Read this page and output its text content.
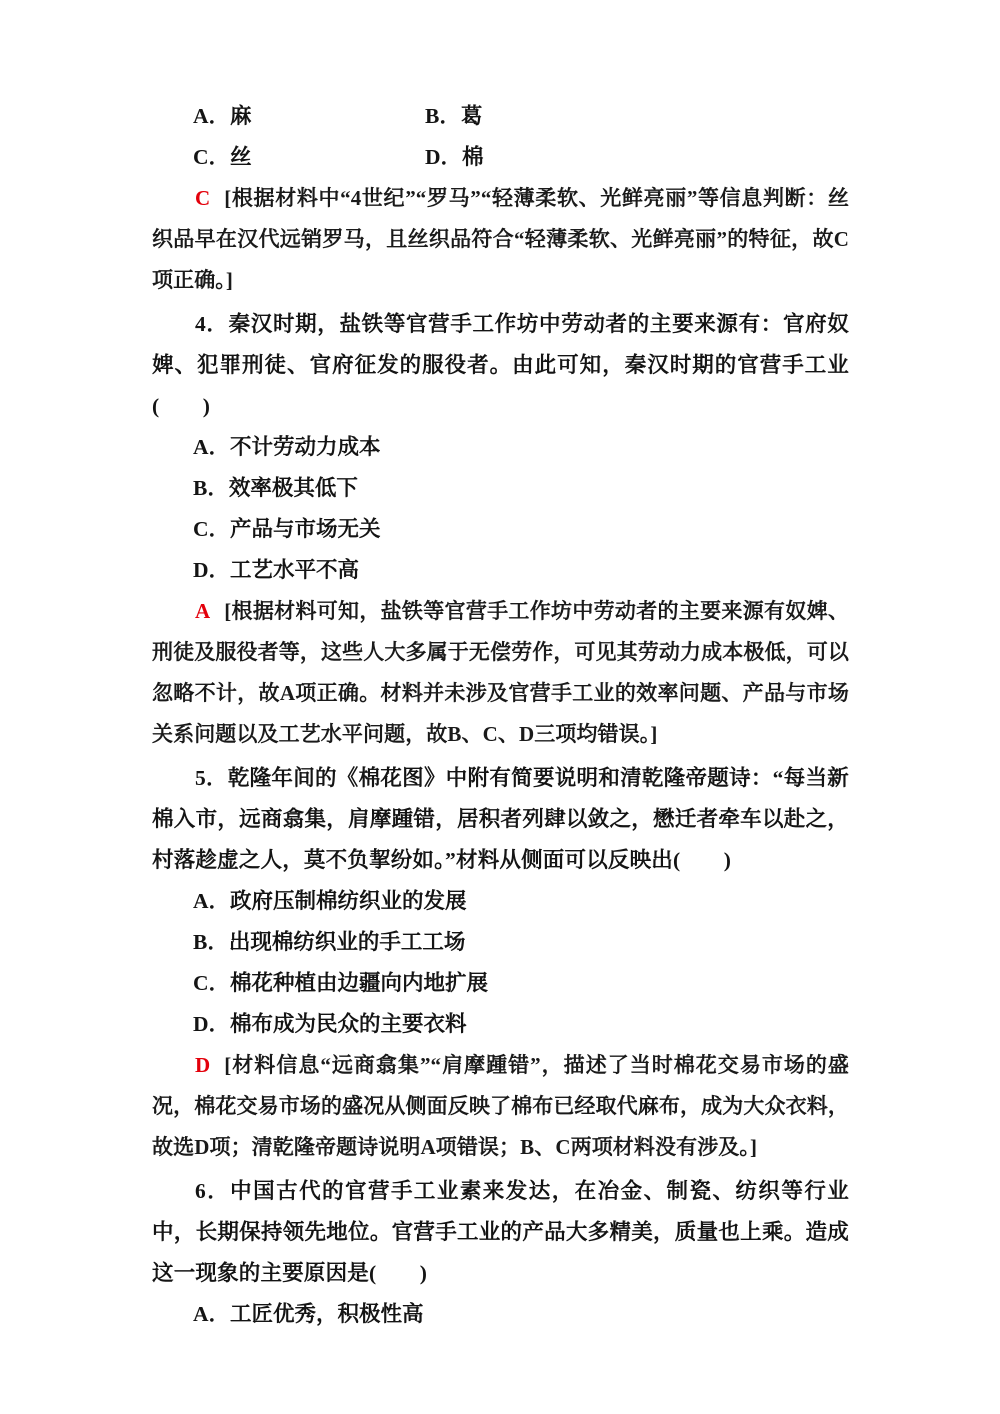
A．麻	B．葛
C．丝	D．棉

C [根据材料中“4世纪”“罗马”“轻薄柔软、光鲜亮丽”等信息判断：丝织品早在汉代远销罗马，且丝织品符合“轻薄柔软、光鲜亮丽”的特征，故C项正确。]

4．秦汉时期，盐铁等官营手工作坊中劳动者的主要来源有：官府奴婢、犯罪刑徒、官府征发的服役者。由此可知，秦汉时期的官营手工业(　　)

A．不计劳动力成本
B．效率极其低下
C．产品与市场无关
D．工艺水平不高

A [根据材料可知，盐铁等官营手工作坊中劳动者的主要来源有奴婢、刑徒及服役者等，这些人大多属于无偿劳作，可见其劳动力成本极低，可以忽略不计，故A项正确。材料并未涉及官营手工业的效率问题、产品与市场关系问题以及工艺水平问题，故B、C、D三项均错误。]

5．乾隆年间的《棉花图》中附有简要说明和清乾隆帝题诗：“每当新棉入市，远商翕集，肩摩踵错，居积者列肆以敛之，懋迁者牵车以赴之，村落趁虚之人，莫不负挈纷如。”材料从侧面可以反映出(　　)

A．政府压制棉纺织业的发展
B．出现棉纺织业的手工工场
C．棉花种植由边疆向内地扩展
D．棉布成为民众的主要衣料

D [材料信息“远商翕集”“肩摩踵错”，描述了当时棉花交易市场的盛况，棉花交易市场的盛况从侧面反映了棉布已经取代麻布，成为大众衣料，故选D项；清乾隆帝题诗说明A项错误；B、C两项材料没有涉及。]

6．中国古代的官营手工业素来发达，在冶金、制瓷、纺织等行业中，长期保持领先地位。官营手工业的产品大多精美，质量也上乘。造成这一现象的主要原因是(　　)

A．工匠优秀，积极性高
